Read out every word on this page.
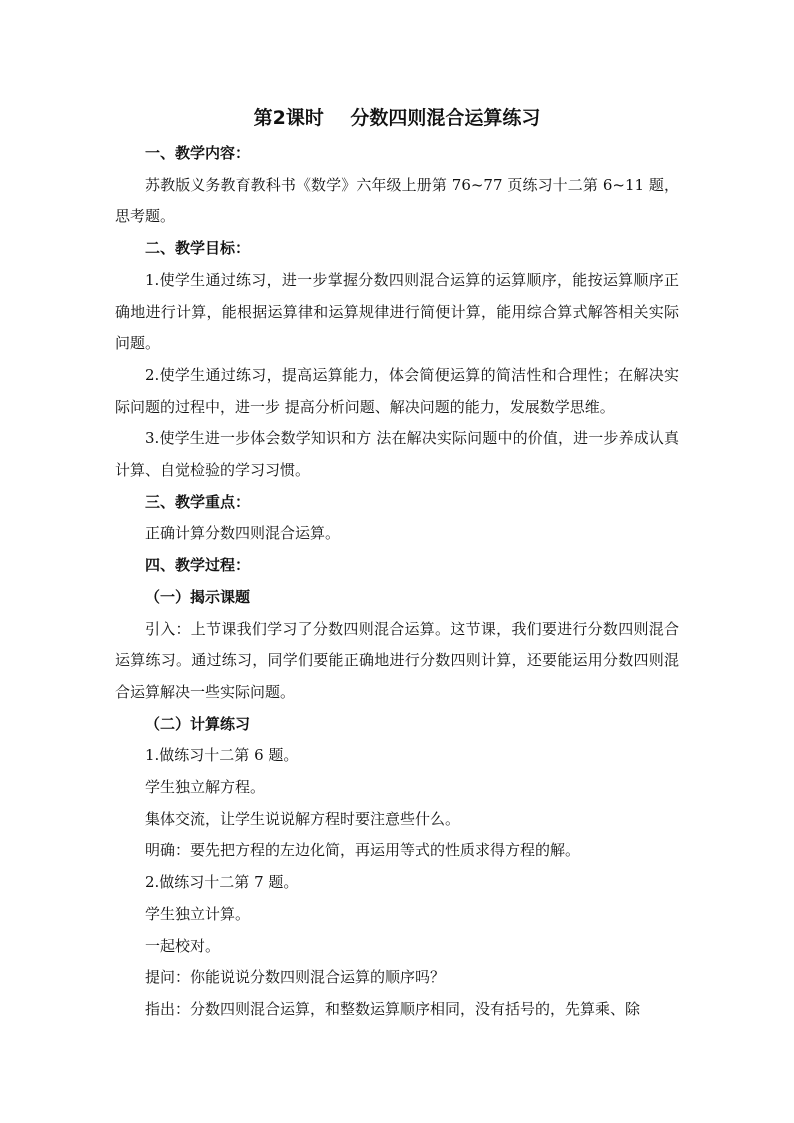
第2课时    分数四则混合运算练习

一、教学内容：

苏教版义务教育教科书《数学》六年级上册第 76~77 页练习十二第 6~11 题，思考题。

二、教学目标：

1.使学生通过练习，进一步掌握分数四则混合运算的运算顺序，能按运算顺序正确地进行计算，能根据运算律和运算规律进行简便计算，能用综合算式解答相关实际问题。

2.使学生通过练习，提高运算能力，体会简便运算的简洁性和合理性；在解决实际问题的过程中，进一步 提高分析问题、解决问题的能力，发展数学思维。

3.使学生进一步体会数学知识和方 法在解决实际问题中的价值，进一步养成认真计算、自觉检验的学习习惯。

三、教学重点：

正确计算分数四则混合运算。

四、教学过程：

（一）揭示课题

引入：上节课我们学习了分数四则混合运算。这节课，我们要进行分数四则混合运算练习。通过练习，同学们要能正确地进行分数四则计算，还要能运用分数四则混合运算解决一些实际问题。

（二）计算练习

1.做练习十二第 6 题。

学生独立解方程。

集体交流，让学生说说解方程时要注意些什么。

明确：要先把方程的左边化简，再运用等式的性质求得方程的解。

2.做练习十二第 7 题。

学生独立计算。

一起校对。

提问：你能说说分数四则混合运算的顺序吗？

指出：分数四则混合运算，和整数运算顺序相同，没有括号的，先算乘、除
